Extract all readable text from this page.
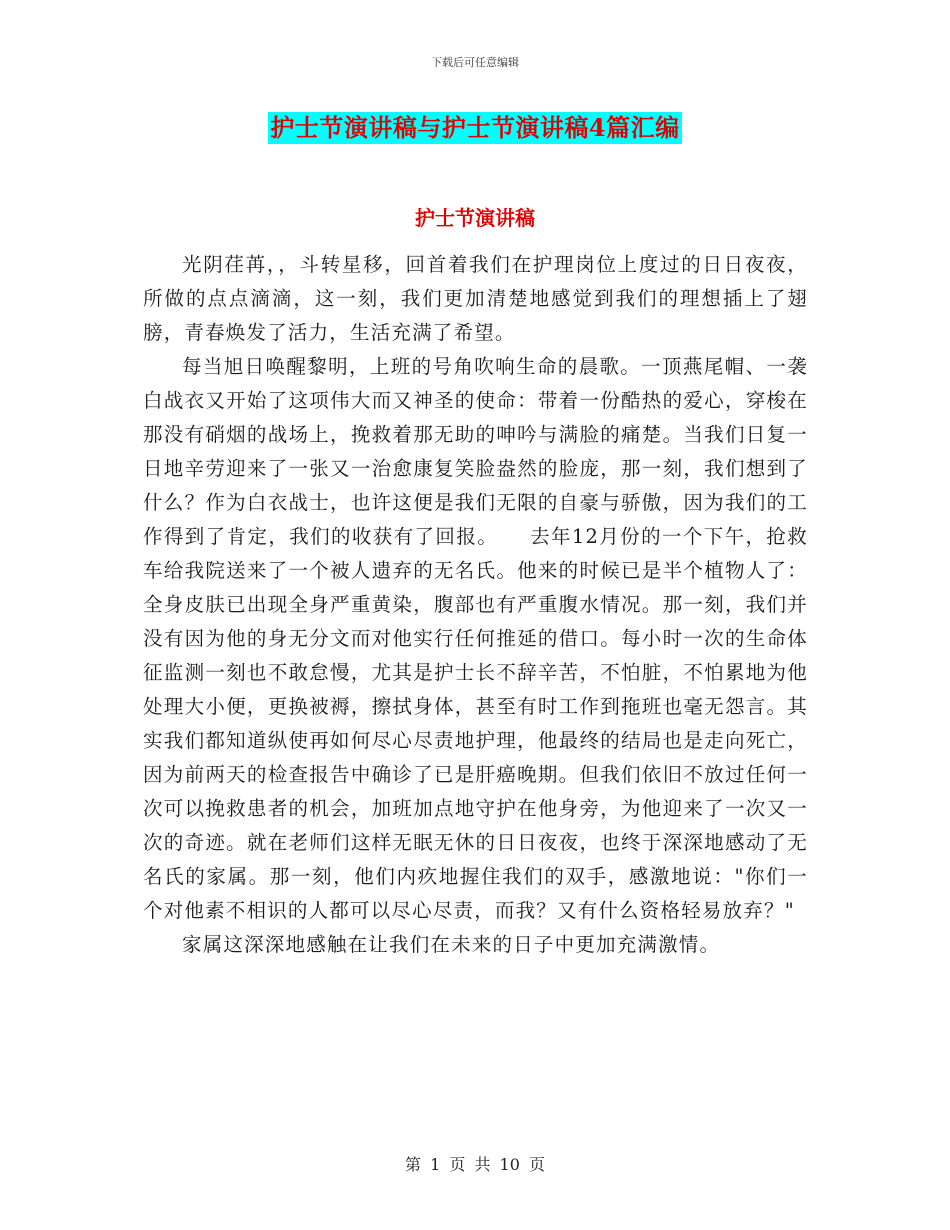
下载后可任意编辑
护士节演讲稿与护士节演讲稿4篇汇编
护士节演讲稿

光阴荏苒，，斗转星移，回首着我们在护理岗位上度过的日日夜夜，所做的点点滴滴，这一刻，我们更加清楚地感觉到我们的理想插上了翅膀，青春焕发了活力，生活充满了希望。

每当旭日唤醒黎明，上班的号角吹响生命的晨歌。一顶燕尾帽、一袭白战衣又开始了这项伟大而又神圣的使命：带着一份酷热的爱心，穿梭在那没有硝烟的战场上，挽救着那无助的呻吟与满脸的痛楚。当我们日复一日地辛劳迎来了一张又一治愈康复笑脸盎然的脸庞，那一刻，我们想到了什么？作为白衣战士，也许这便是我们无限的自豪与骄傲，因为我们的工作得到了肯定，我们的收获有了回报。　　去年12月份的一个下午，抢救车给我院送来了一个被人遗弃的无名氏。他来的时候已是半个植物人了：全身皮肤已出现全身严重黄染，腹部也有严重腹水情况。那一刻，我们并没有因为他的身无分文而对他实行任何推延的借口。每小时一次的生命体征监测一刻也不敢怠慢，尤其是护士长不辞辛苦，不怕脏，不怕累地为他处理大小便，更换被褥，擦拭身体，甚至有时工作到拖班也毫无怨言。其实我们都知道纵使再如何尽心尽责地护理，他最终的结局也是走向死亡，因为前两天的检查报告中确诊了已是肝癌晚期。但我们依旧不放过任何一次可以挽救患者的机会，加班加点地守护在他身旁，为他迎来了一次又一次的奇迹。就在老师们这样无眠无休的日日夜夜，也终于深深地感动了无名氏的家属。那一刻，他们内疚地握住我们的双手，感激地说："你们一个对他素不相识的人都可以尽心尽责，而我？又有什么资格轻易放弃？"

家属这深深地感触在让我们在未来的日子中更加充满激情。

第 1 页 共 10 页
